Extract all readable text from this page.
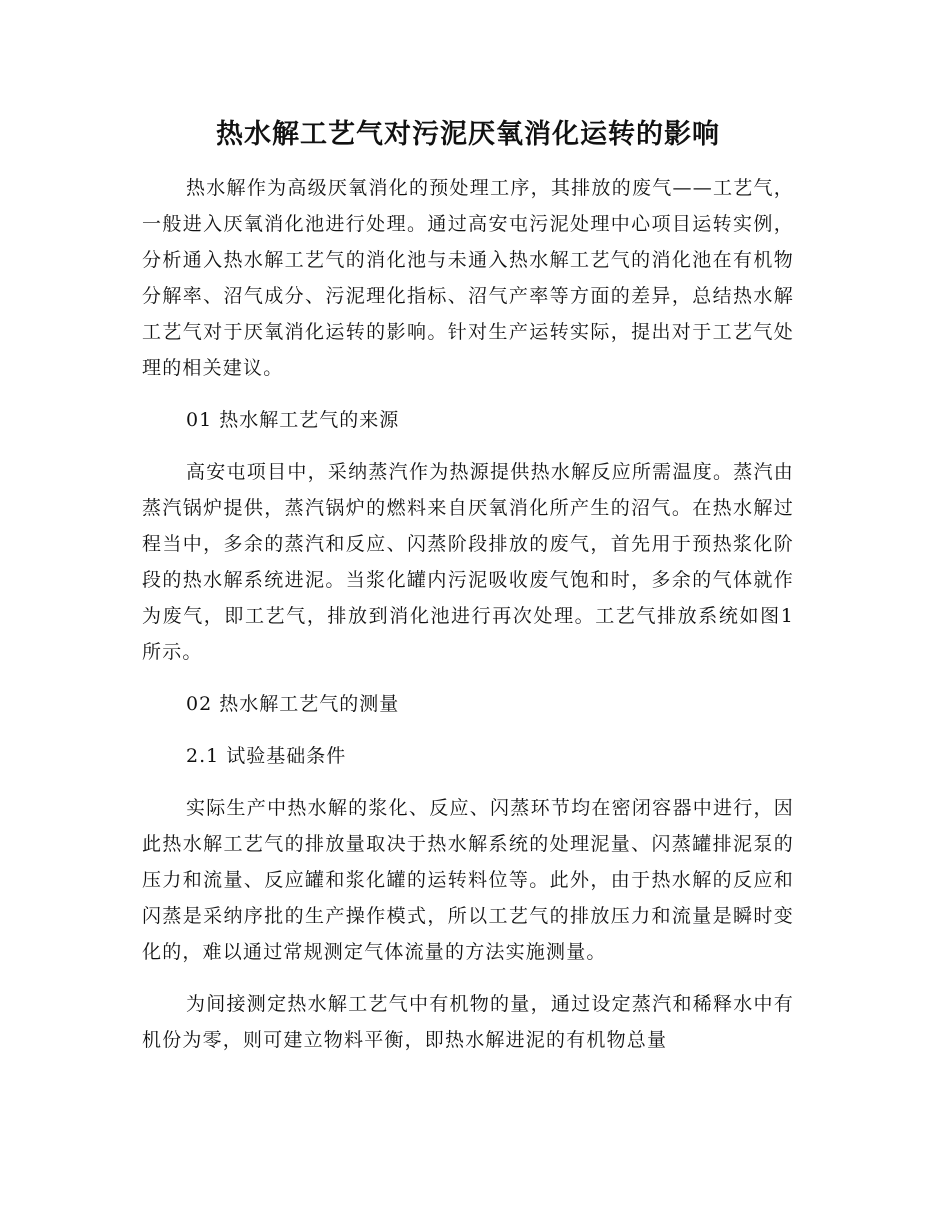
热水解工艺气对污泥厌氧消化运转的影响

热水解作为高级厌氧消化的预处理工序，其排放的废气——工艺气，一般进入厌氧消化池进行处理。通过高安屯污泥处理中心项目运转实例，分析通入热水解工艺气的消化池与未通入热水解工艺气的消化池在有机物分解率、沼气成分、污泥理化指标、沼气产率等方面的差异，总结热水解工艺气对于厌氧消化运转的影响。针对生产运转实际，提出对于工艺气处理的相关建议。

01 热水解工艺气的来源

高安屯项目中，采纳蒸汽作为热源提供热水解反应所需温度。蒸汽由蒸汽锅炉提供，蒸汽锅炉的燃料来自厌氧消化所产生的沼气。在热水解过程当中，多余的蒸汽和反应、闪蒸阶段排放的废气，首先用于预热浆化阶段的热水解系统进泥。当浆化罐内污泥吸收废气饱和时，多余的气体就作为废气，即工艺气，排放到消化池进行再次处理。工艺气排放系统如图1所示。

02 热水解工艺气的测量

2.1 试验基础条件

实际生产中热水解的浆化、反应、闪蒸环节均在密闭容器中进行，因此热水解工艺气的排放量取决于热水解系统的处理泥量、闪蒸罐排泥泵的压力和流量、反应罐和浆化罐的运转料位等。此外，由于热水解的反应和闪蒸是采纳序批的生产操作模式，所以工艺气的排放压力和流量是瞬时变化的，难以通过常规测定气体流量的方法实施测量。

为间接测定热水解工艺气中有机物的量，通过设定蒸汽和稀释水中有机份为零，则可建立物料平衡，即热水解进泥的有机物总量
